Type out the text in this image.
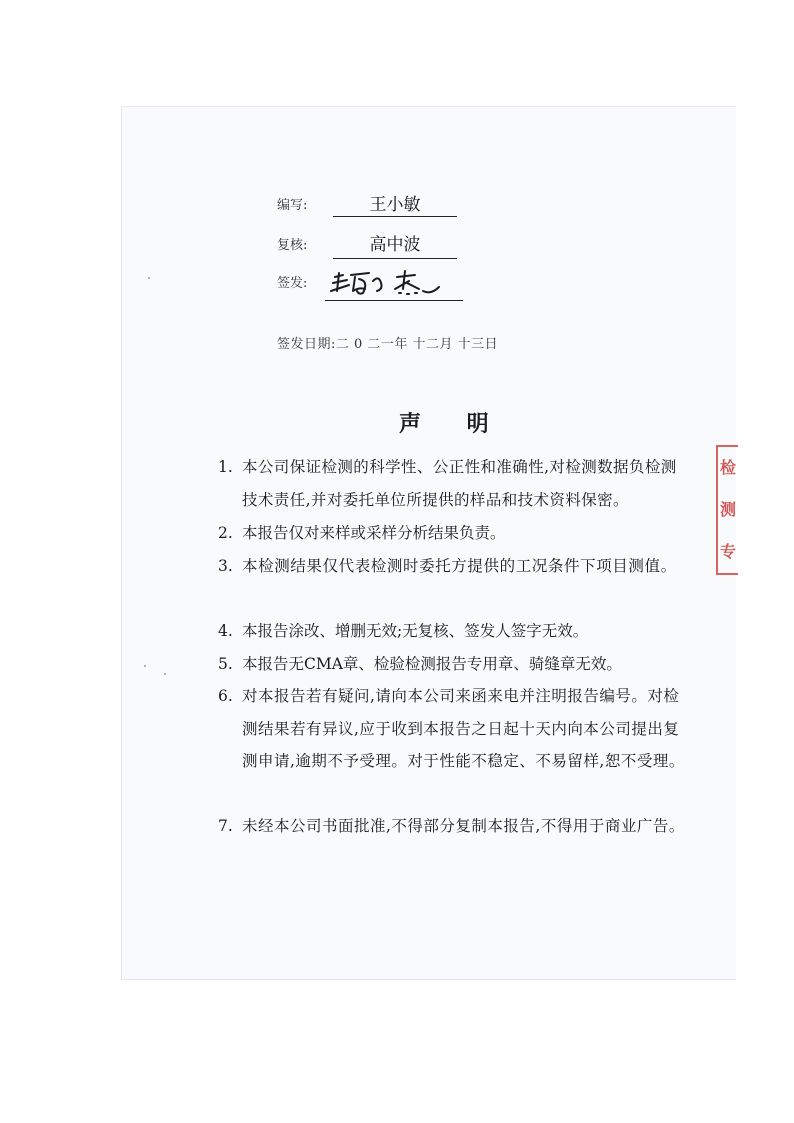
编写:	王小敏
复核:	高中波
签发:
签发日期:二 0 二一年 十二月 十三日
声 明
1. 本公司保证检测的科学性、公正性和准确性,对检测数据负检测技术责任,并对委托单位所提供的样品和技术资料保密。
2. 本报告仅对来样或采样分析结果负责。
3. 本检测结果仅代表检测时委托方提供的工况条件下项目测值。
4. 本报告涂改、增删无效;无复核、签发人签字无效。
5. 本报告无CMA章、检验检测报告专用章、骑缝章无效。
6. 对本报告若有疑问,请向本公司来函来电并注明报告编号。对检测结果若有异议,应于收到本报告之日起十天内向本公司提出复测申请,逾期不予受理。对于性能不稳定、不易留样,恕不受理。
7. 未经本公司书面批准,不得部分复制本报告,不得用于商业广告。
检测专
